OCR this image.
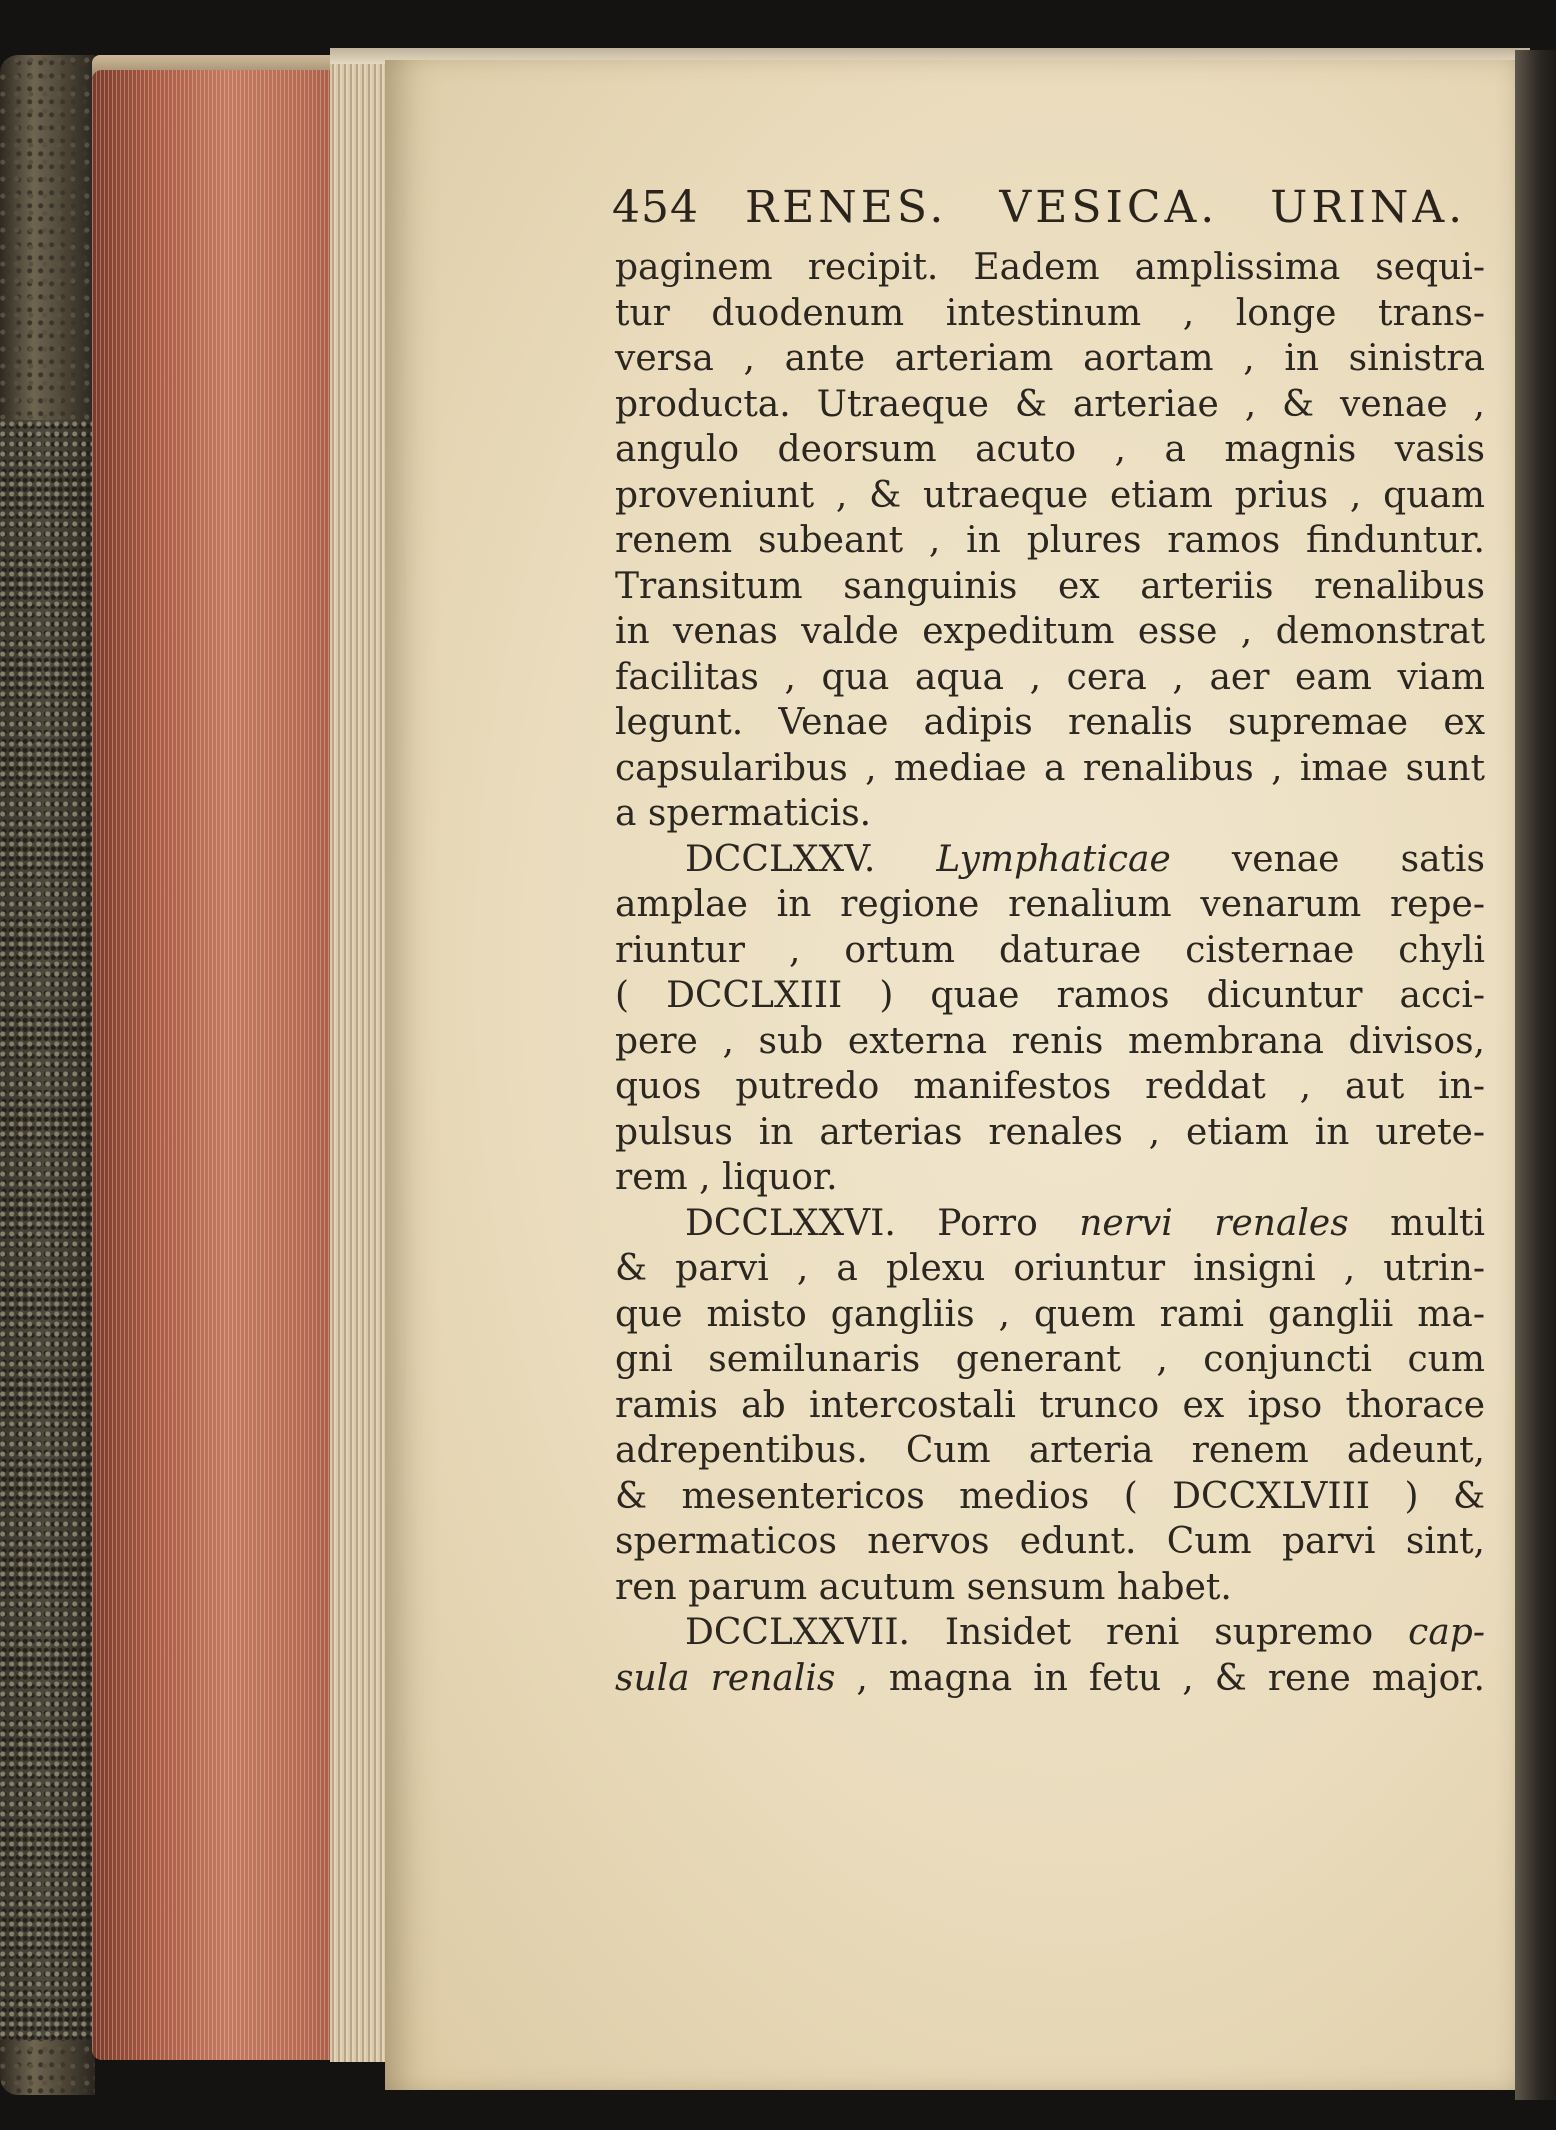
454 RENES. VESICA. URINA.
paginem recipit. Eadem amplissima sequi-
tur duodenum intestinum , longe trans-
versa , ante arteriam aortam , in sinistra
producta. Utraeque & arteriae , & venae ,
angulo deorsum acuto , a magnis vasis
proveniunt , & utraeque etiam prius , quam
renem subeant , in plures ramos finduntur.
Transitum sanguinis ex arteriis renalibus
in venas valde expeditum esse , demonstrat
facilitas , qua aqua , cera , aer eam viam
legunt. Venae adipis renalis supremae ex
capsularibus , mediae a renalibus , imae sunt
a spermaticis.
DCCLXXV. Lymphaticae venae satis
amplae in regione renalium venarum repe-
riuntur , ortum daturae cisternae chyli
( DCCLXIII ) quae ramos dicuntur acci-
pere , sub externa renis membrana divisos,
quos putredo manifestos reddat , aut in-
pulsus in arterias renales , etiam in urete-
rem , liquor.
DCCLXXVI. Porro nervi renales multi
& parvi , a plexu oriuntur insigni , utrin-
que misto gangliis , quem rami ganglii ma-
gni semilunaris generant , conjuncti cum
ramis ab intercostali trunco ex ipso thorace
adrepentibus. Cum arteria renem adeunt,
& mesentericos medios ( DCCXLVIII ) &
spermaticos nervos edunt. Cum parvi sint,
ren parum acutum sensum habet.
DCCLXXVII. Insidet reni supremo cap-
sula renalis , magna in fetu , & rene major.
